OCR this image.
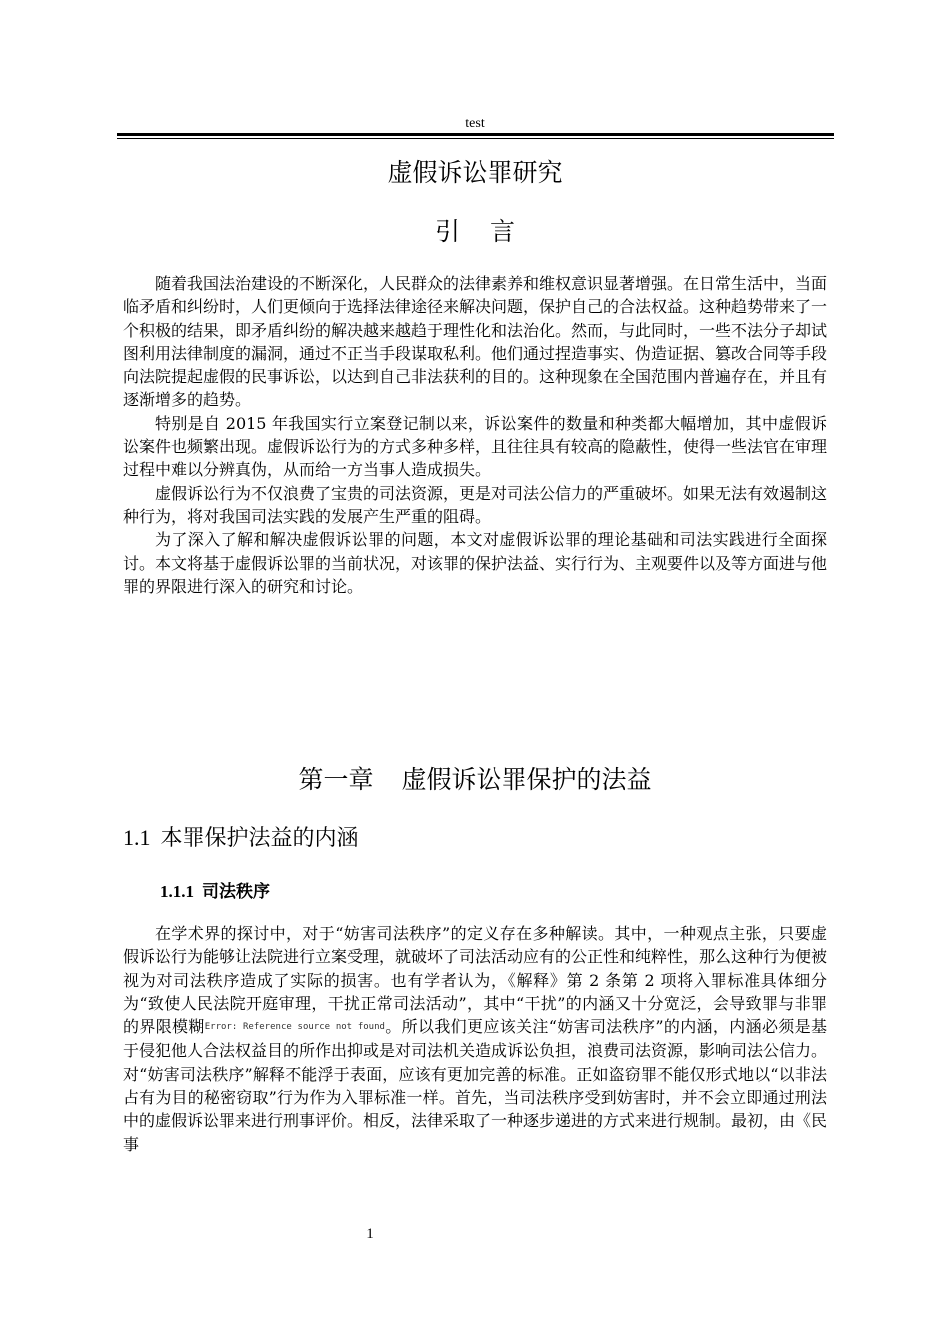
test
虚假诉讼罪研究
引言

随着我国法治建设的不断深化，人民群众的法律素养和维权意识显著增强。在日常生活中，当面临矛盾和纠纷时，人们更倾向于选择法律途径来解决问题，保护自己的合法权益。这种趋势带来了一个积极的结果，即矛盾纠纷的解决越来越趋于理性化和法治化。然而，与此同时，一些不法分子却试图利用法律制度的漏洞，通过不正当手段谋取私利。他们通过捏造事实、伪造证据、篡改合同等手段向法院提起虚假的民事诉讼，以达到自己非法获利的目的。这种现象在全国范围内普遍存在，并且有逐渐增多的趋势。

特别是自 2015 年我国实行立案登记制以来，诉讼案件的数量和种类都大幅增加，其中虚假诉讼案件也频繁出现。虚假诉讼行为的方式多种多样，且往往具有较高的隐蔽性，使得一些法官在审理过程中难以分辨真伪，从而给一方当事人造成损失。

虚假诉讼行为不仅浪费了宝贵的司法资源，更是对司法公信力的严重破坏。如果无法有效遏制这种行为，将对我国司法实践的发展产生严重的阻碍。

为了深入了解和解决虚假诉讼罪的问题，本文对虚假诉讼罪的理论基础和司法实践进行全面探讨。本文将基于虚假诉讼罪的当前状况，对该罪的保护法益、实行行为、主观要件以及等方面进与他罪的界限进行深入的研究和讨论。

第一章 虚假诉讼罪保护的法益
1.1 本罪保护法益的内涵
1.1.1 司法秩序

在学术界的探讨中，对于“妨害司法秩序”的定义存在多种解读。其中，一种观点主张，只要虚假诉讼行为能够让法院进行立案受理，就破坏了司法活动应有的公正性和纯粹性，那么这种行为便被视为对司法秩序造成了实际的损害。也有学者认为，《解释》第 2 条第 2 项将入罪标准具体细分为“致使人民法院开庭审理，干扰正常司法活动”，其中“干扰”的内涵又十分宽泛，会导致罪与非罪的界限模糊Error: Reference source not found。所以我们更应该关注“妨害司法秩序”的内涵，内涵必须是基于侵犯他人合法权益目的所作出抑或是对司法机关造成诉讼负担，浪费司法资源，影响司法公信力。对“妨害司法秩序”解释不能浮于表面，应该有更加完善的标准。正如盗窃罪不能仅形式地以“以非法占有为目的秘密窃取”行为作为入罪标准一样。首先，当司法秩序受到妨害时，并不会立即通过刑法中的虚假诉讼罪来进行刑事评价。相反，法律采取了一种逐步递进的方式来进行规制。最初，由《民事

1
